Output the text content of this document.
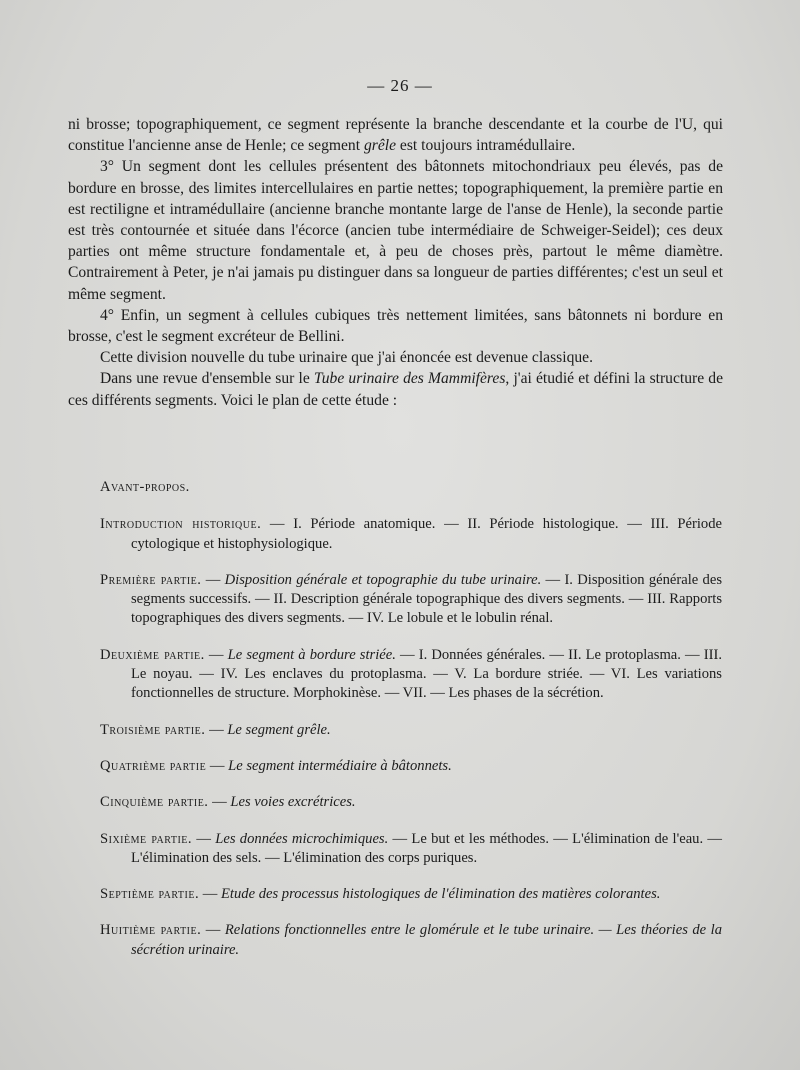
— 26 —

ni brosse; topographiquement, ce segment représente la branche descendante et la courbe de l'U, qui constitue l'ancienne anse de Henle; ce segment grêle est toujours intramédullaire.

3° Un segment dont les cellules présentent des bâtonnets mitochondriaux peu élevés, pas de bordure en brosse, des limites intercellulaires en partie nettes; topographiquement, la première partie en est rectiligne et intramédullaire (ancienne branche montante large de l'anse de Henle), la seconde partie est très contournée et située dans l'écorce (ancien tube intermédiaire de Schweiger-Seidel); ces deux parties ont même structure fondamentale et, à peu de choses près, partout le même diamètre. Contrairement à Peter, je n'ai jamais pu distinguer dans sa longueur de parties différentes; c'est un seul et même segment.

4° Enfin, un segment à cellules cubiques très nettement limitées, sans bâtonnets ni bordure en brosse, c'est le segment excréteur de Bellini.

Cette division nouvelle du tube urinaire que j'ai énoncée est devenue classique.

Dans une revue d'ensemble sur le Tube urinaire des Mammifères, j'ai étudié et défini la structure de ces différents segments. Voici le plan de cette étude :

Avant-propos.
Introduction historique. — I. Période anatomique. — II. Période histologique. — III. Période cytologique et histophysiologique.
Première partie. — Disposition générale et topographie du tube urinaire. — I. Disposition générale des segments successifs. — II. Description générale topographique des divers segments. — III. Rapports topographiques des divers segments. — IV. Le lobule et le lobulin rénal.
Deuxième partie. — Le segment à bordure striée. — I. Données générales. — II. Le protoplasma. — III. Le noyau. — IV. Les enclaves du protoplasma. — V. La bordure striée. — VI. Les variations fonctionnelles de structure. Morphokinèse. — VII. — Les phases de la sécrétion.
Troisième partie. — Le segment grêle.
Quatrième partie — Le segment intermédiaire à bâtonnets.
Cinquième partie. — Les voies excrétrices.
Sixième partie. — Les données microchimiques. — Le but et les méthodes. — L'élimination de l'eau. — L'élimination des sels. — L'élimination des corps puriques.
Septième partie. — Etude des processus histologiques de l'élimination des matières colorantes.
Huitième partie. — Relations fonctionnelles entre le glomérule et le tube urinaire. — Les théories de la sécrétion urinaire.
